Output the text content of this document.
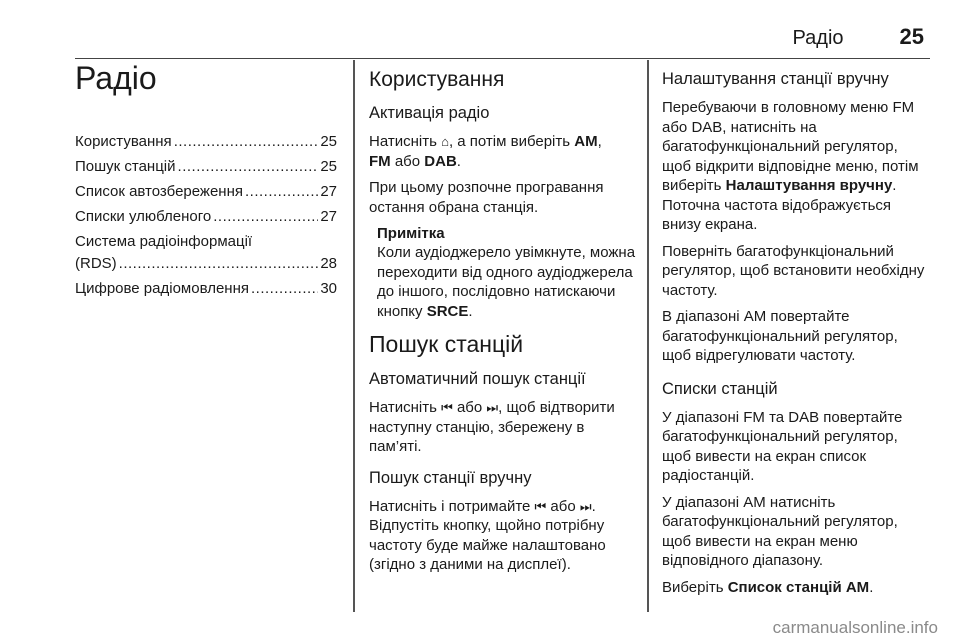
Радіо	25
Радіо
Користування .....	25
Пошук станцій .....	25
Список автозбереження .....	27
Списки улюбленого .....	27
Система радіоінформації
(RDS) .....	28
Цифрове радіомовлення .....	30
Користування
Активація радіо

Натисніть ⌂, а потім виберіть AM,
FM або DAB.

При цьому розпочне програвання остання обрана станція.

Примітка

Коли аудіоджерело увімкнуте, можна переходити від одного аудіоджерела до іншого, послідовно натискаючи кнопку SRCE.

Пошук станцій
Автоматичний пошук станції

Натисніть ⏮ або ⏭, щоб відтворити наступну станцію, збережену в пам’яті.

Пошук станції вручну

Натисніть і потримайте ⏮ або ⏭. Відпустіть кнопку, щойно потрібну частоту буде майже налаштовано (згідно з даними на дисплеї).

Налаштування станції вручну

Перебуваючи в головному меню FM або DAB, натисніть на багатофункціональний регулятор, щоб відкрити відповідне меню, потім виберіть Налаштування вручну. Поточна частота відображується внизу екрана.

Поверніть багатофункціональний регулятор, щоб встановити необхідну частоту.

В діапазоні AM повертайте багатофункціональний регулятор, щоб відрегулювати частоту.

Списки станцій

У діапазоні FM та DAB повертайте багатофункціональний регулятор, щоб вивести на екран список радіостанцій.

У діапазоні AM натисніть багатофункціональний регулятор, щоб вивести на екран меню відповідного діапазону.

Виберіть Список станцій AM.

carmanualsonline.info
